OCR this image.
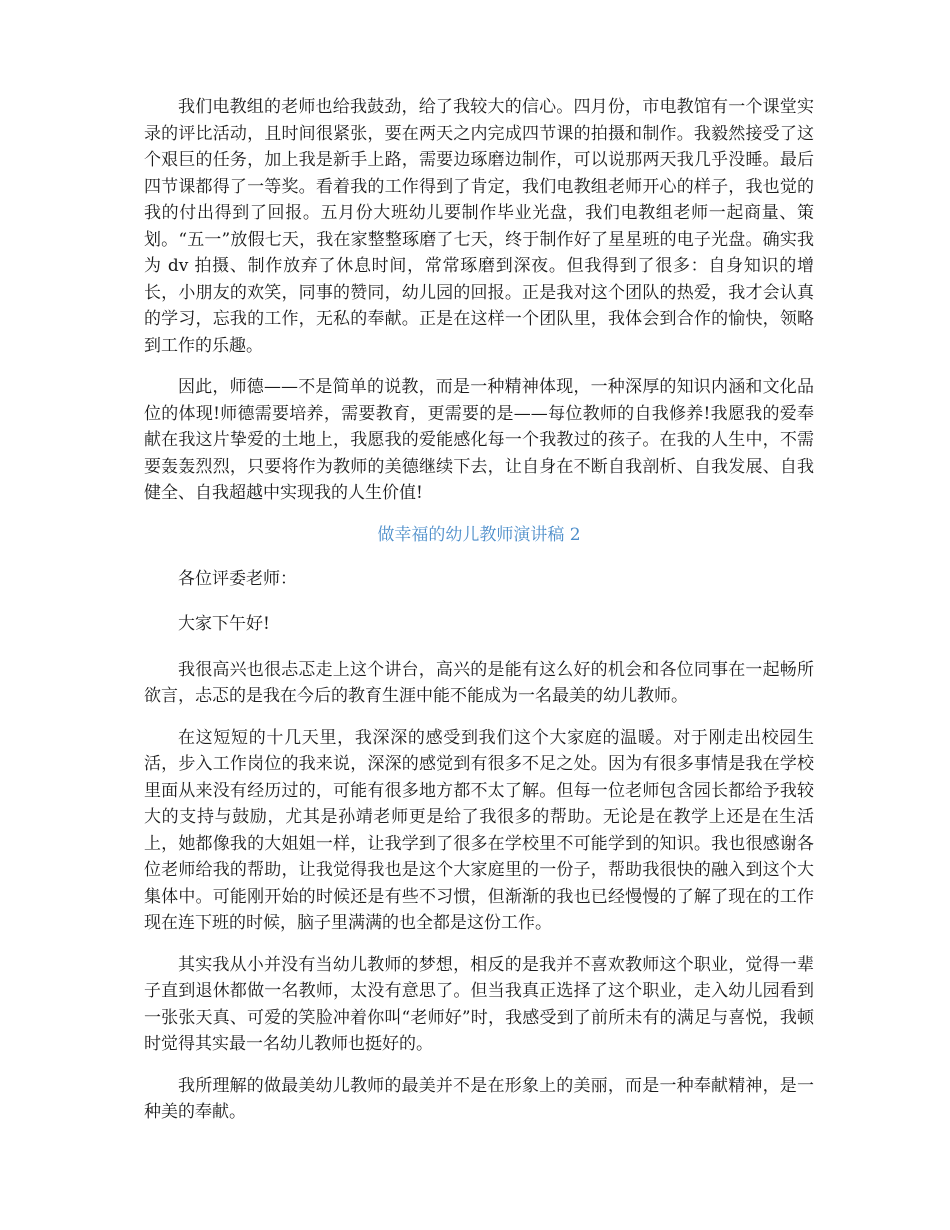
我们电教组的老师也给我鼓劲，给了我较大的信心。四月份，市电教馆有一个课堂实录的评比活动，且时间很紧张，要在两天之内完成四节课的拍摄和制作。我毅然接受了这个艰巨的任务，加上我是新手上路，需要边琢磨边制作，可以说那两天我几乎没睡。最后四节课都得了一等奖。看着我的工作得到了肯定，我们电教组老师开心的样子，我也觉的我的付出得到了回报。五月份大班幼儿要制作毕业光盘，我们电教组老师一起商量、策划。“五一”放假七天，我在家整整琢磨了七天，终于制作好了星星班的电子光盘。确实我为 dv 拍摄、制作放弃了休息时间，常常琢磨到深夜。但我得到了很多：自身知识的增长，小朋友的欢笑，同事的赞同，幼儿园的回报。正是我对这个团队的热爱，我才会认真的学习，忘我的工作，无私的奉献。正是在这样一个团队里，我体会到合作的愉快，领略到工作的乐趣。

因此，师德——不是简单的说教，而是一种精神体现，一种深厚的知识内涵和文化品位的体现!师德需要培养，需要教育，更需要的是——每位教师的自我修养!我愿我的爱奉献在我这片挚爱的土地上，我愿我的爱能感化每一个我教过的孩子。在我的人生中，不需要轰轰烈烈，只要将作为教师的美德继续下去，让自身在不断自我剖析、自我发展、自我健全、自我超越中实现我的人生价值!

做幸福的幼儿教师演讲稿 2

各位评委老师：

大家下午好!

我很高兴也很忐忑走上这个讲台，高兴的是能有这么好的机会和各位同事在一起畅所欲言，忐忑的是我在今后的教育生涯中能不能成为一名最美的幼儿教师。

在这短短的十几天里，我深深的感受到我们这个大家庭的温暖。对于刚走出校园生活，步入工作岗位的我来说，深深的感觉到有很多不足之处。因为有很多事情是我在学校里面从来没有经历过的，可能有很多地方都不太了解。但每一位老师包含园长都给予我较大的支持与鼓励，尤其是孙靖老师更是给了我很多的帮助。无论是在教学上还是在生活上，她都像我的大姐姐一样，让我学到了很多在学校里不可能学到的知识。我也很感谢各位老师给我的帮助，让我觉得我也是这个大家庭里的一份子，帮助我很快的融入到这个大集体中。可能刚开始的时候还是有些不习惯，但渐渐的我也已经慢慢的了解了现在的工作现在连下班的时候，脑子里满满的也全都是这份工作。

其实我从小并没有当幼儿教师的梦想，相反的是我并不喜欢教师这个职业，觉得一辈子直到退休都做一名教师，太没有意思了。但当我真正选择了这个职业，走入幼儿园看到一张张天真、可爱的笑脸冲着你叫“老师好”时，我感受到了前所未有的满足与喜悦，我顿时觉得其实最一名幼儿教师也挺好的。

我所理解的做最美幼儿教师的最美并不是在形象上的美丽，而是一种奉献精神，是一种美的奉献。
